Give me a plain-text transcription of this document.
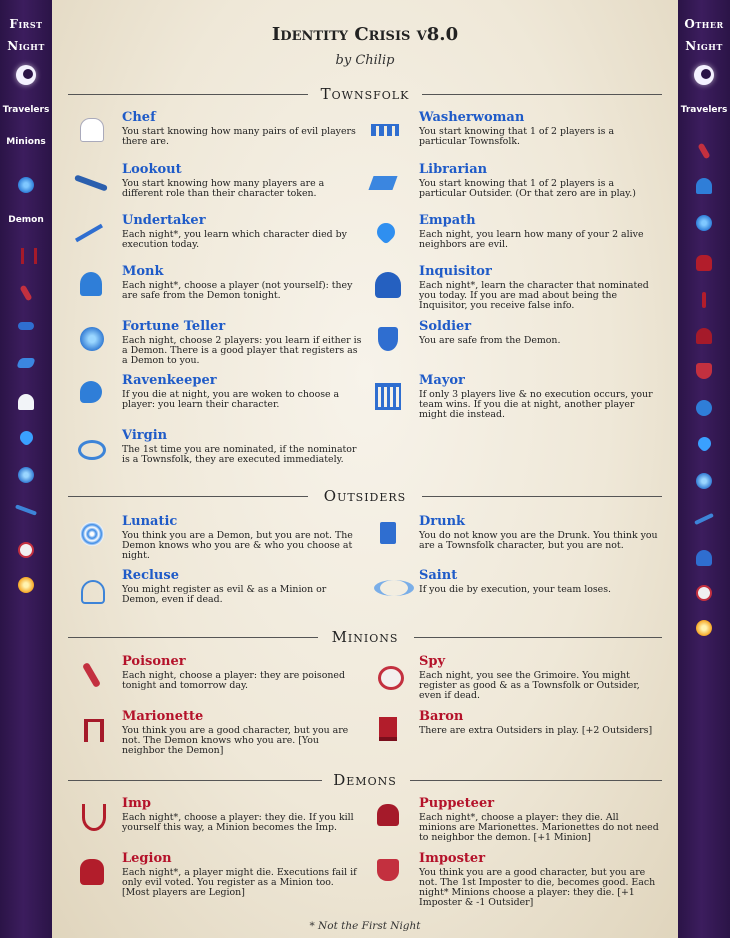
First
Night
Travelers
Minions
Demon
Other
Night
Travelers
Identity Crisis v8.0
by Chilip
Townsfolk
Chef
You start knowing how many pairs of evil players there are.
Washerwoman
You start knowing that 1 of 2 players is a particular Townsfolk.
Lookout
You start knowing how many players are a different role than their character token.
Librarian
You start knowing that 1 of 2 players is a particular Outsider. (Or that zero are in play.)
Undertaker
Each night*, you learn which character died by execution today.
Empath
Each night, you learn how many of your 2 alive neighbors are evil.
Monk
Each night*, choose a player (not yourself): they are safe from the Demon tonight.
Inquisitor
Each night*, learn the character that nominated you today. If you are mad about being the Inquisitor, you receive false info.
Fortune Teller
Each night, choose 2 players: you learn if either is a Demon. There is a good player that registers as a Demon to you.
Soldier
You are safe from the Demon.
Ravenkeeper
If you die at night, you are woken to choose a player: you learn their character.
Mayor
If only 3 players live & no execution occurs, your team wins. If you die at night, another player might die instead.
Virgin
The 1st time you are nominated, if the nominator is a Townsfolk, they are executed immediately.
Outsiders
Lunatic
You think you are a Demon, but you are not. The Demon knows who you are & who you choose at night.
Drunk
You do not know you are the Drunk. You think you are a Townsfolk character, but you are not.
Recluse
You might register as evil & as a Minion or Demon, even if dead.
Saint
If you die by execution, your team loses.
Minions
Poisoner
Each night, choose a player: they are poisoned tonight and tomorrow day.
Spy
Each night, you see the Grimoire. You might register as good & as a Townsfolk or Outsider, even if dead.
Marionette
You think you are a good character, but you are not. The Demon knows who you are. [You neighbor the Demon]
Baron
There are extra Outsiders in play. [+2 Outsiders]
Demons
Imp
Each night*, choose a player: they die. If you kill yourself this way, a Minion becomes the Imp.
Puppeteer
Each night*, choose a player: they die. All minions are Marionettes. Marionettes do not need to neighbor the demon. [+1 Minion]
Legion
Each night*, a player might die. Executions fail if only evil voted. You register as a Minion too. [Most players are Legion]
Imposter
You think you are a good character, but you are not. The 1st Imposter to die, becomes good. Each night* Minions choose a player: they die. [+1 Imposter & -1 Outsider]
* Not the First Night
